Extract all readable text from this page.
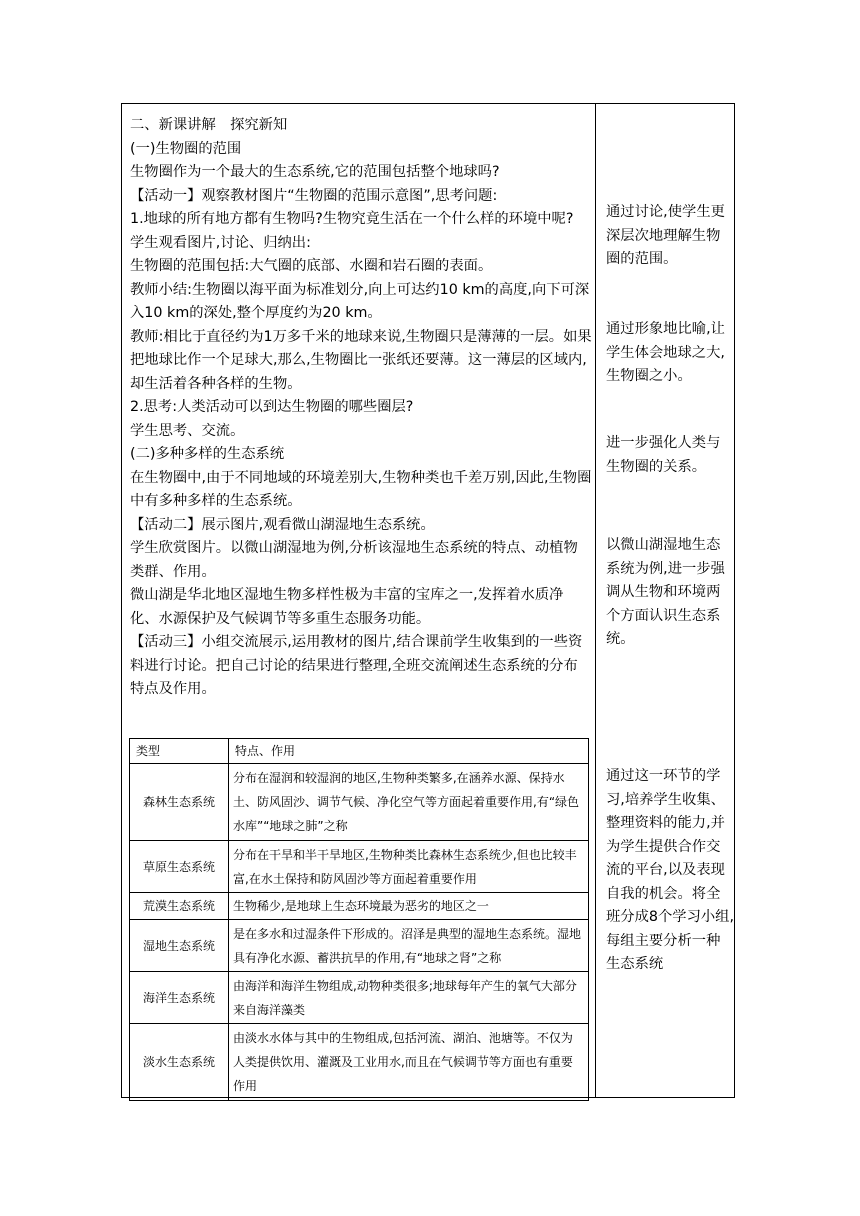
二、新课讲解　探究新知

(一)生物圈的范围

生物圈作为一个最大的生态系统,它的范围包括整个地球吗?

【活动一】观察教材图片“生物圈的范围示意图”,思考问题:

1.地球的所有地方都有生物吗?生物究竟生活在一个什么样的环境中呢?

学生观看图片,讨论、归纳出:

生物圈的范围包括:大气圈的底部、水圈和岩石圈的表面。

教师小结:生物圈以海平面为标准划分,向上可达约10 km的高度,向下可深入10 km的深处,整个厚度约为20 km。

教师:相比于直径约为1万多千米的地球来说,生物圈只是薄薄的一层。如果把地球比作一个足球大,那么,生物圈比一张纸还要薄。这一薄层的区域内,却生活着各种各样的生物。

2.思考:人类活动可以到达生物圈的哪些圈层?

学生思考、交流。

(二)多种多样的生态系统

在生物圈中,由于不同地域的环境差别大,生物种类也千差万别,因此,生物圈中有多种多样的生态系统。

【活动二】展示图片,观看微山湖湿地生态系统。

学生欣赏图片。以微山湖湿地为例,分析该湿地生态系统的特点、动植物类群、作用。

微山湖是华北地区湿地生物多样性极为丰富的宝库之一,发挥着水质净化、水源保护及气候调节等多重生态服务功能。

【活动三】小组交流展示,运用教材的图片,结合课前学生收集到的一些资料进行讨论。把自己讨论的结果进行整理,全班交流阐述生态系统的分布特点及作用。

类型	特点、作用
森林生态系统	分布在湿润和较湿润的地区,生物种类繁多,在涵养水源、保持水土、防风固沙、调节气候、净化空气等方面起着重要作用,有“绿色水库”“地球之肺”之称
草原生态系统	分布在干旱和半干旱地区,生物种类比森林生态系统少,但也比较丰富,在水土保持和防风固沙等方面起着重要作用
荒漠生态系统	生物稀少,是地球上生态环境最为恶劣的地区之一
湿地生态系统	是在多水和过湿条件下形成的。沼泽是典型的湿地生态系统。湿地具有净化水源、蓄洪抗旱的作用,有“地球之肾”之称
海洋生态系统	由海洋和海洋生物组成,动物种类很多;地球每年产生的氧气大部分来自海洋藻类
淡水生态系统	由淡水水体与其中的生物组成,包括河流、湖泊、池塘等。不仅为人类提供饮用、灌溉及工业用水,而且在气候调节等方面也有重要作用
通过讨论,使学生更深层次地理解生物圈的范围。
通过形象地比喻,让学生体会地球之大,生物圈之小。
进一步强化人类与生物圈的关系。
以微山湖湿地生态系统为例,进一步强调从生物和环境两个方面认识生态系统。
通过这一环节的学习,培养学生收集、整理资料的能力,并为学生提供合作交流的平台,以及表现自我的机会。将全班分成8个学习小组,每组主要分析一种生态系统
